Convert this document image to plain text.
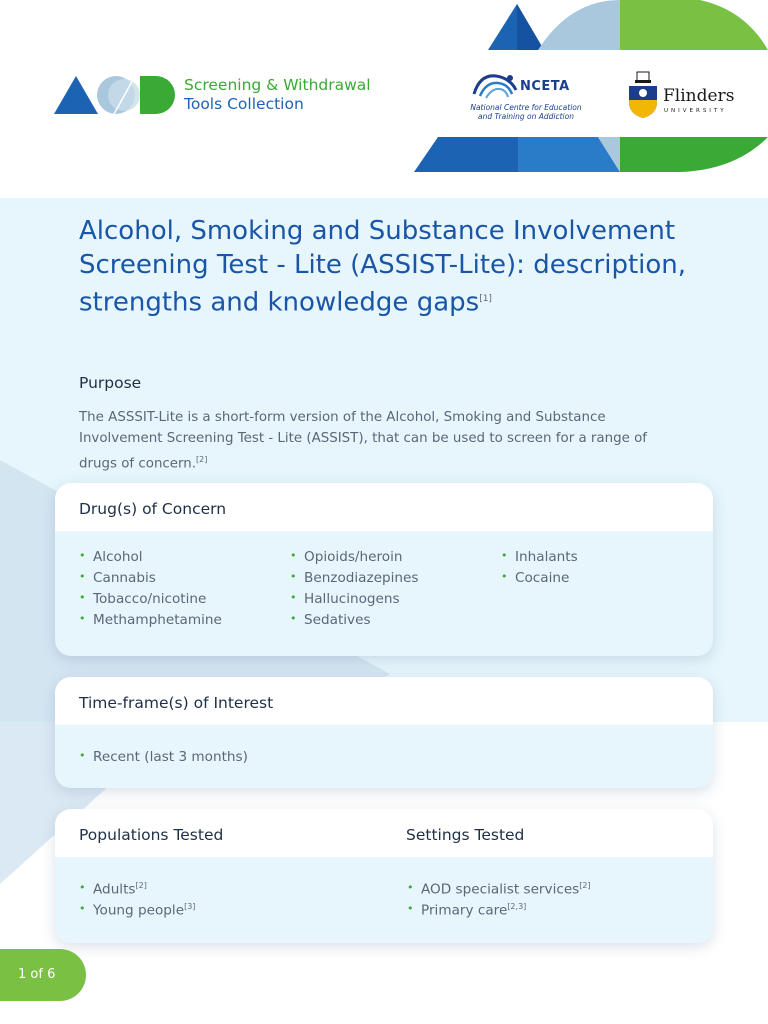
Screening & Withdrawal
Tools Collection
NCETA
National Centre for Education
and Training on Addiction
Flinders
UNIVERSITY
Alcohol, Smoking and Substance Involvement Screening Test - Lite (ASSIST-Lite): description, strengths and knowledge gaps[1]
Purpose

The ASSSIT-Lite is a short-form version of the Alcohol, Smoking and Substance Involvement Screening Test - Lite (ASSIST), that can be used to screen for a range of drugs of concern.[2]

Drug(s) of Concern
• Alcohol
• Cannabis
• Tobacco/nicotine
• Methamphetamine
• Opioids/heroin
• Benzodiazepines
• Hallucinogens
• Sedatives
• Inhalants
• Cocaine
Time-frame(s) of Interest
• Recent (last 3 months)
Populations Tested	Settings Tested
• Adults[2]
• Young people[3]
• AOD specialist services[2]
• Primary care[2,3]
1 of 6
